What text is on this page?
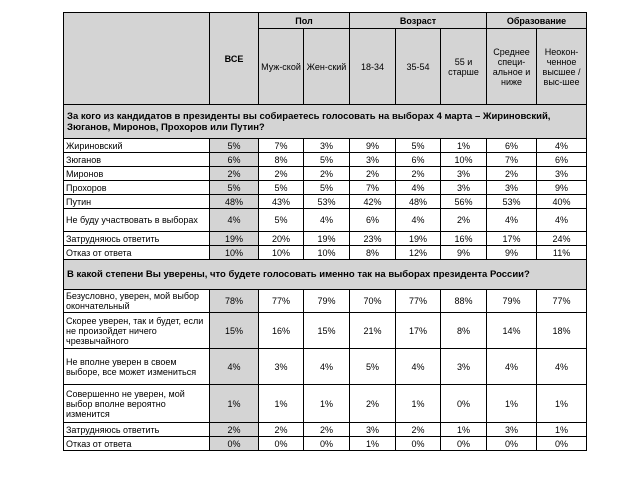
	ВСЕ	Пол		Возраст			Образование	
		Муж-ской	Жен-ский	18-34	35-54	55 и старше	Среднее специ-альное и ниже	Неокон-ченное высшее / выс-шее
За кого из кандидатов в президенты вы собираетесь голосовать на выборах 4 марта – Жириновский, Зюганов, Миронов, Прохоров или Путин?								
Жириновский	5%	7%	3%	9%	5%	1%	6%	4%
Зюганов	6%	8%	5%	3%	6%	10%	7%	6%
Миронов	2%	2%	2%	2%	2%	3%	2%	3%
Прохоров	5%	5%	5%	7%	4%	3%	3%	9%
Путин	48%	43%	53%	42%	48%	56%	53%	40%
Не буду участвовать в выборах	4%	5%	4%	6%	4%	2%	4%	4%
Затрудняюсь ответить	19%	20%	19%	23%	19%	16%	17%	24%
Отказ от ответа	10%	10%	10%	8%	12%	9%	9%	11%
В какой степени Вы уверены, что будете голосовать именно так на выборах президента России?								
Безусловно, уверен, мой выбор окончательный	78%	77%	79%	70%	77%	88%	79%	77%
Скорее уверен, так и будет, если не произойдет ничего чрезвычайного	15%	16%	15%	21%	17%	8%	14%	18%
Не вполне уверен в своем выборе, все может измениться	4%	3%	4%	5%	4%	3%	4%	4%
Совершенно не уверен, мой выбор вполне вероятно изменится	1%	1%	1%	2%	1%	0%	1%	1%
Затрудняюсь ответить	2%	2%	2%	3%	2%	1%	3%	1%
Отказ от ответа	0%	0%	0%	1%	0%	0%	0%	0%
